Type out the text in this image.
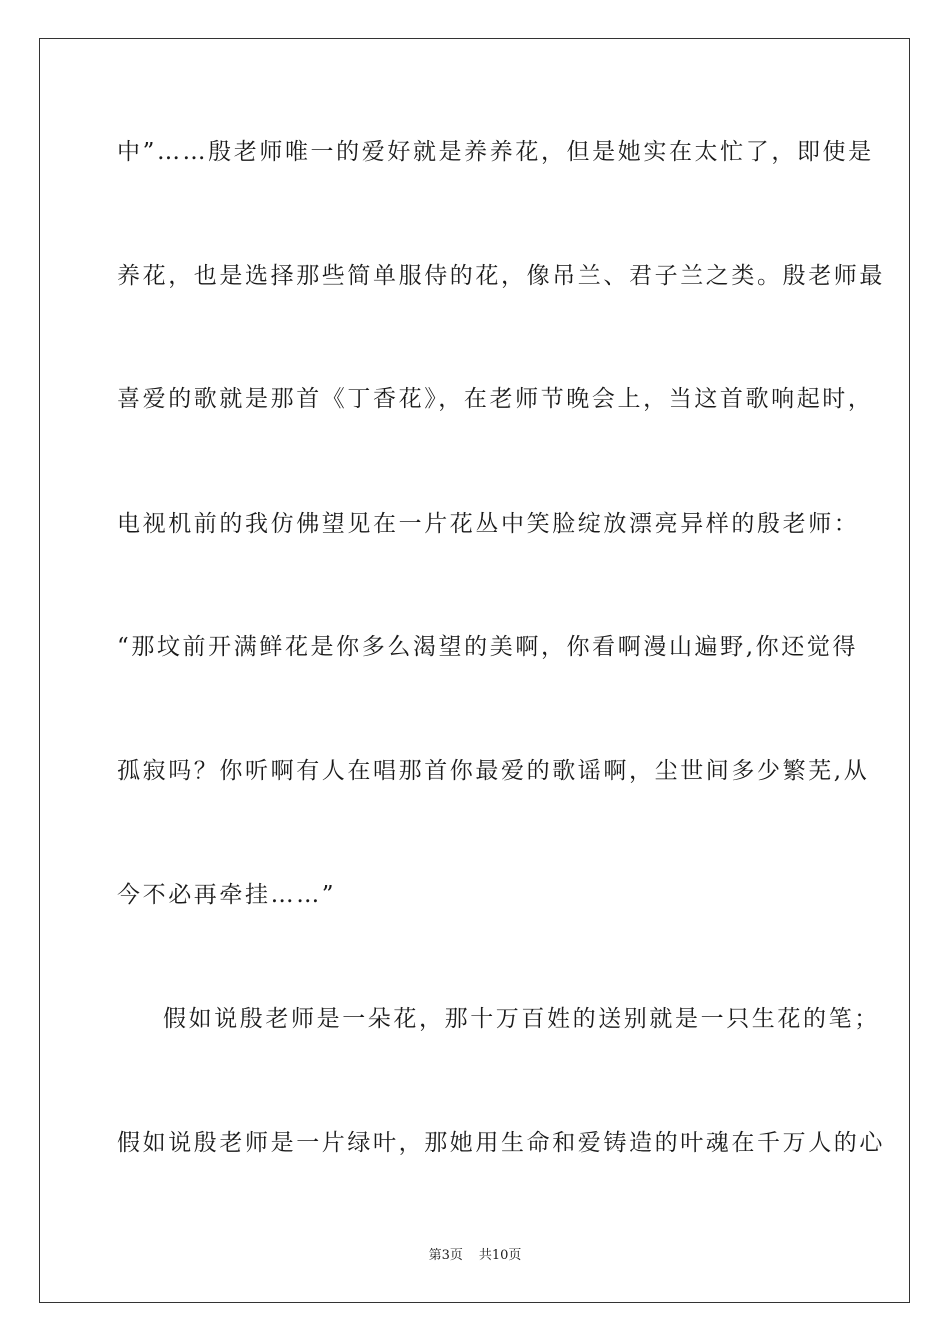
中”……殷老师唯一的爱好就是养养花，但是她实在太忙了，即使是
养花，也是选择那些简单服侍的花，像吊兰、君子兰之类。殷老师最
喜爱的歌就是那首《丁香花》，在老师节晚会上，当这首歌响起时，
电视机前的我仿佛望见在一片花丛中笑脸绽放漂亮异样的殷老师：
“那坟前开满鲜花是你多么渴望的美啊，你看啊漫山遍野,你还觉得
孤寂吗？你听啊有人在唱那首你最爱的歌谣啊，尘世间多少繁芜,从
今不必再牵挂……”
假如说殷老师是一朵花，那十万百姓的送别就是一只生花的笔；
假如说殷老师是一片绿叶，那她用生命和爱铸造的叶魂在千万人的心
第3页 共10页
